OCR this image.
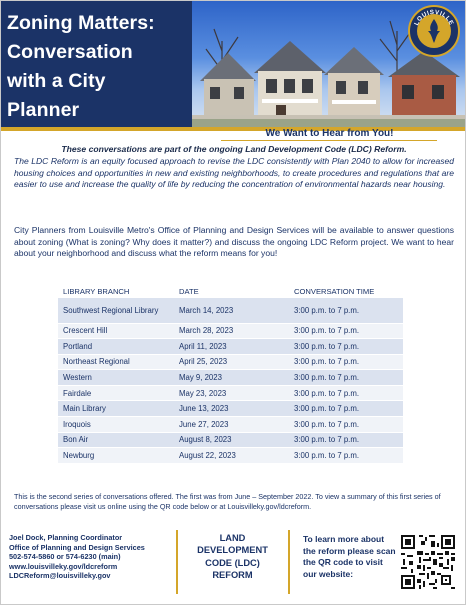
Zoning Matters:
Conversation
with a City
Planner
LOUISVILLE
We Want to Hear from You!
These conversations are part of the ongoing Land Development Code (LDC) Reform.

The LDC Reform is an equity focused approach to revise the LDC consistently with Plan 2040 to allow for increased housing choices and opportunities in new and existing neighborhoods, to create procedures and regulations that are easier to use and increase the quality of life by reducing the concentration of environmental hazards near housing.

City Planners from Louisville Metro's Office of Planning and Design Services will be available to answer questions about zoning (What is zoning? Why does it matter?) and discuss the ongoing LDC Reform project. We want to hear about your neighborhood and discuss what the reform means for you!

LIBRARY BRANCH	DATE	CONVERSATION TIME
Southwest Regional Library	March 14, 2023	3:00 p.m. to 7 p.m.
Crescent Hill	March 28, 2023	3:00 p.m. to 7 p.m.
Portland	April 11, 2023	3:00 p.m. to 7 p.m.
Northeast Regional	April 25, 2023	3:00 p.m. to 7 p.m.
Western	May 9, 2023	3:00 p.m. to 7 p.m.
Fairdale	May 23, 2023	3:00 p.m. to 7 p.m.
Main Library	June 13, 2023	3:00 p.m. to 7 p.m.
Iroquois	June 27, 2023	3:00 p.m. to 7 p.m.
Bon Air	August 8, 2023	3:00 p.m. to 7 p.m.
Newburg	August 22, 2023	3:00 p.m. to 7 p.m.

This is the second series of conversations offered. The first was from June – September 2022. To view a summary of this first series of conversations please visit us online using the QR code below or at Louisvilleky.gov/ldcreform.

Joel Dock, Planning Coordinator
Office of Planning and Design Services
502-574-5860 or 574-6230 (main)
www.louisvilleky.gov/ldcreform
LDCReform@louisvilleky.gov
LAND
DEVELOPMENT
CODE (LDC)
REFORM
To learn more about the reform please scan the QR code to visit our website:
